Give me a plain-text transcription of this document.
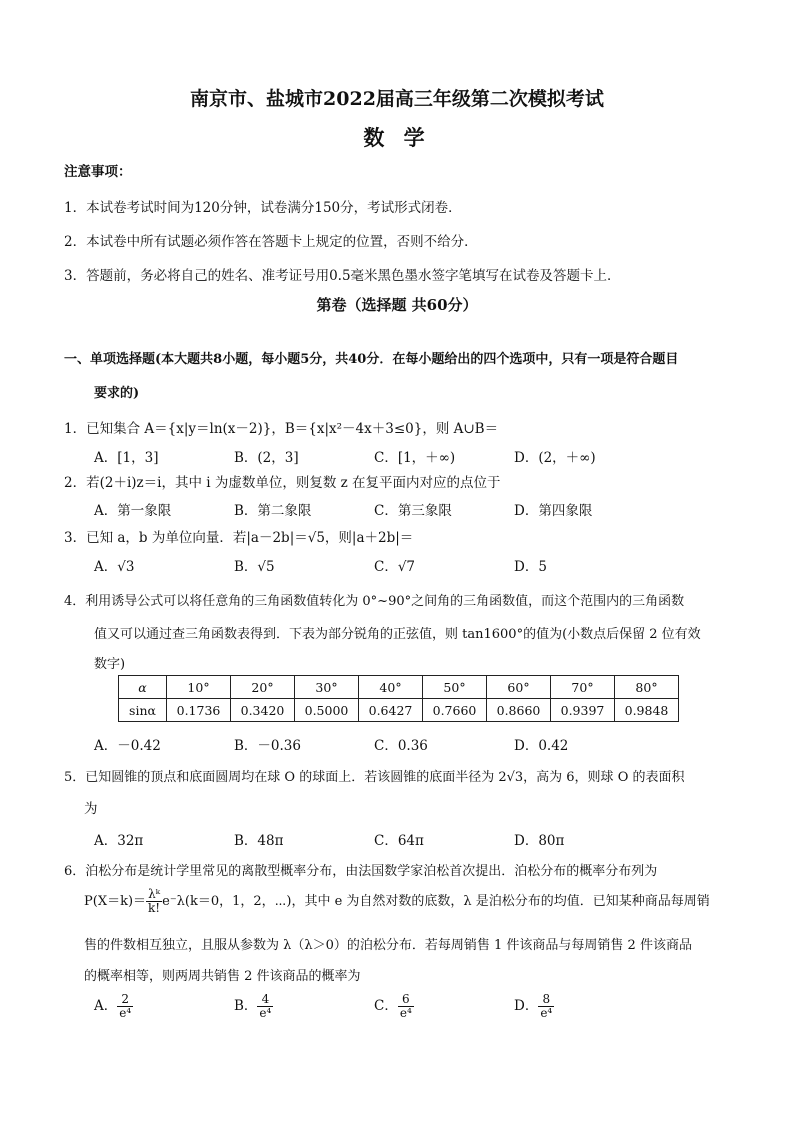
南京市、盐城市2022届高三年级第二次模拟考试
数 学
注意事项：
1．本试卷考试时间为120分钟，试卷满分150分，考试形式闭卷．
2．本试卷中所有试题必须作答在答题卡上规定的位置，否则不给分．
3．答题前，务必将自己的姓名、准考证号用0.5毫米黑色墨水签字笔填写在试卷及答题卡上．
第卷（选择题 共60分）
一、单项选择题(本大题共8小题，每小题5分，共40分．在每小题给出的四个选项中，只有一项是符合题目
要求的)
1．已知集合 A＝{x|y＝ln(x－2)}，B＝{x|x²－4x＋3≤0}，则 A∪B＝
A．[1，3]	B．(2，3]	C．[1，＋∞)	D．(2，＋∞)
2．若(2＋i)z＝i，其中 i 为虚数单位，则复数 z 在复平面内对应的点位于
A．第一象限	B．第二象限	C．第三象限	D．第四象限
3．已知 a，b 为单位向量．若|a－2b|＝√5，则|a＋2b|＝
A．√3	B．√5	C．√7	D．5
4．利用诱导公式可以将任意角的三角函数值转化为 0°~90°之间角的三角函数值，而这个范围内的三角函数
值又可以通过查三角函数表得到．下表为部分锐角的正弦值，则 tan1600°的值为(小数点后保留 2 位有效
数字)
α	10°	20°	30°	40°	50°	60°	70°	80°
sinα	0.1736	0.3420	0.5000	0.6427	0.7660	0.8660	0.9397	0.9848
A．－0.42	B．－0.36	C．0.36	D．0.42
5．已知圆锥的顶点和底面圆周均在球 O 的球面上．若该圆锥的底面半径为 2√3，高为 6，则球 O 的表面积
为
A．32π	B．48π	C．64π	D．80π
6．泊松分布是统计学里常见的离散型概率分布，由法国数学家泊松首次提出．泊松分布的概率分布列为
$P(X=k)= \frac{\text{λᵏ}}{k!} e^-\lambda(k=0$，1，2，⋯)，其中 e 为自然对数的底数，λ 是泊松分布的均值．已知某种商品每周销
售的件数相互独立，且服从参数为 λ（λ＞0）的泊松分布．若每周销售 1 件该商品与每周销售 2 件该商品
的概率相等，则两周共销售 2 件该商品的概率为
A． $\frac{2}{\text{e⁴}}$	B． $\frac{4}{\text{e⁴}}$	C． $\frac{6}{\text{e⁴}}$	D． $\frac{8}{\text{e⁴}}$
